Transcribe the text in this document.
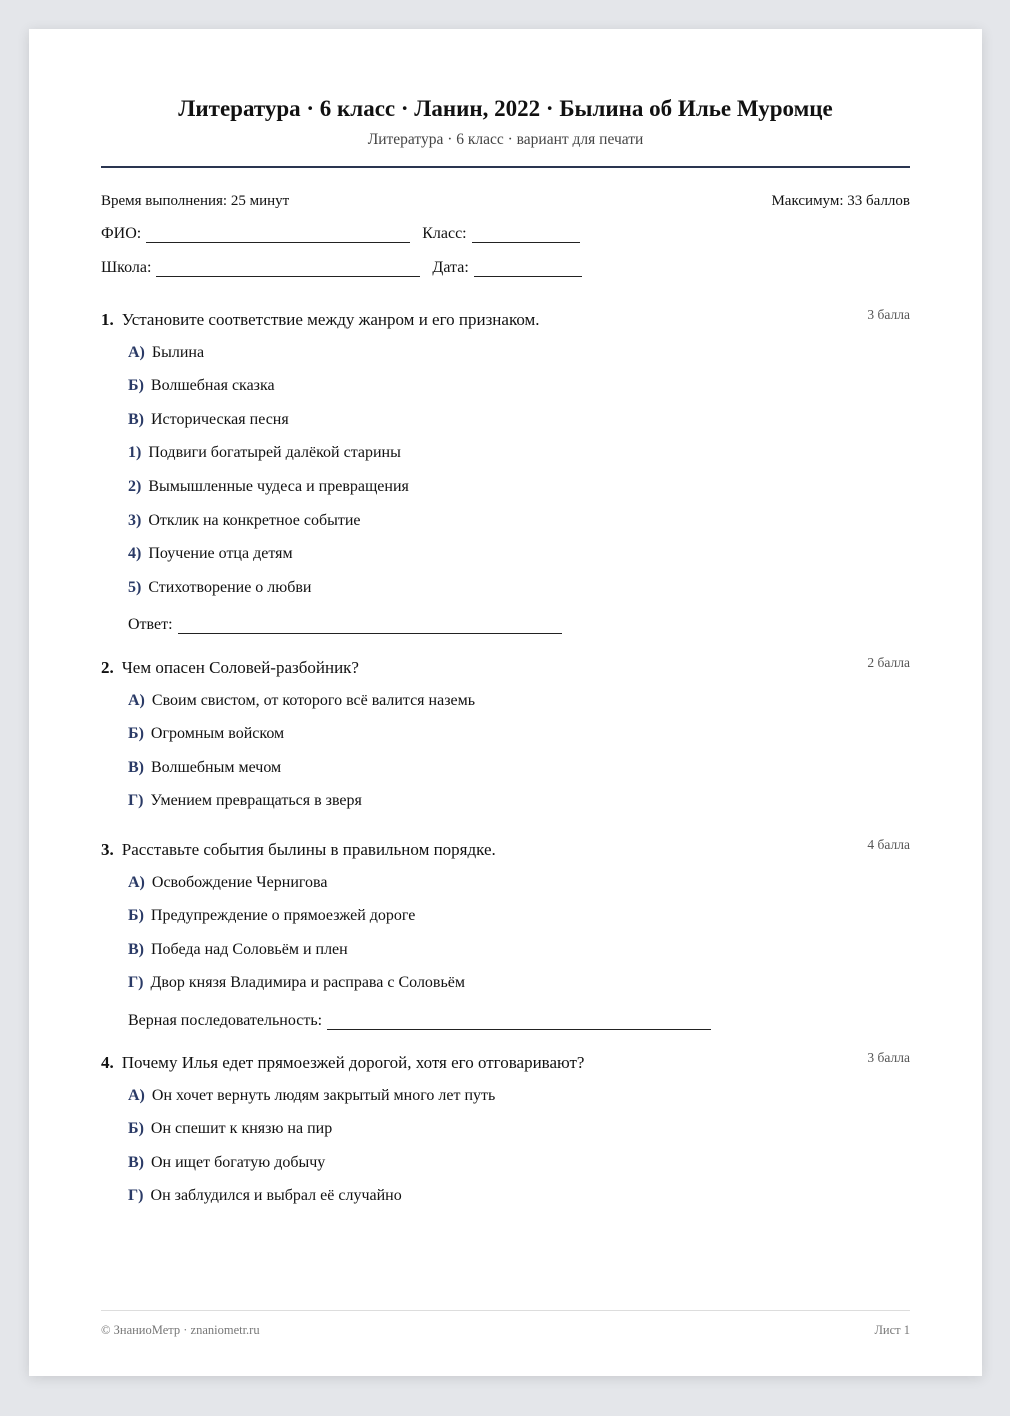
Литература · 6 класс · Ланин, 2022 · Былина об Илье Муромце
Литература · 6 класс · вариант для печати
Время выполнения: 25 минут	Максимум: 33 баллов
ФИО:	Класс:
Школа:	Дата:
1. Установите соответствие между жанром и его признаком.	3 балла
А) Былина
Б) Волшебная сказка
В) Историческая песня
1) Подвиги богатырей далёкой старины
2) Вымышленные чудеса и превращения
3) Отклик на конкретное событие
4) Поучение отца детям
5) Стихотворение о любви
Ответ:
2. Чем опасен Соловей-разбойник?	2 балла
А) Своим свистом, от которого всё валится наземь
Б) Огромным войском
В) Волшебным мечом
Г) Умением превращаться в зверя
3. Расставьте события былины в правильном порядке.	4 балла
А) Освобождение Чернигова
Б) Предупреждение о прямоезжей дороге
В) Победа над Соловьём и плен
Г) Двор князя Владимира и расправа с Соловьём
Верная последовательность:
4. Почему Илья едет прямоезжей дорогой, хотя его отговаривают?	3 балла
А) Он хочет вернуть людям закрытый много лет путь
Б) Он спешит к князю на пир
В) Он ищет богатую добычу
Г) Он заблудился и выбрал её случайно
© ЗнаниоМетр · znaniometr.ru	Лист 1
